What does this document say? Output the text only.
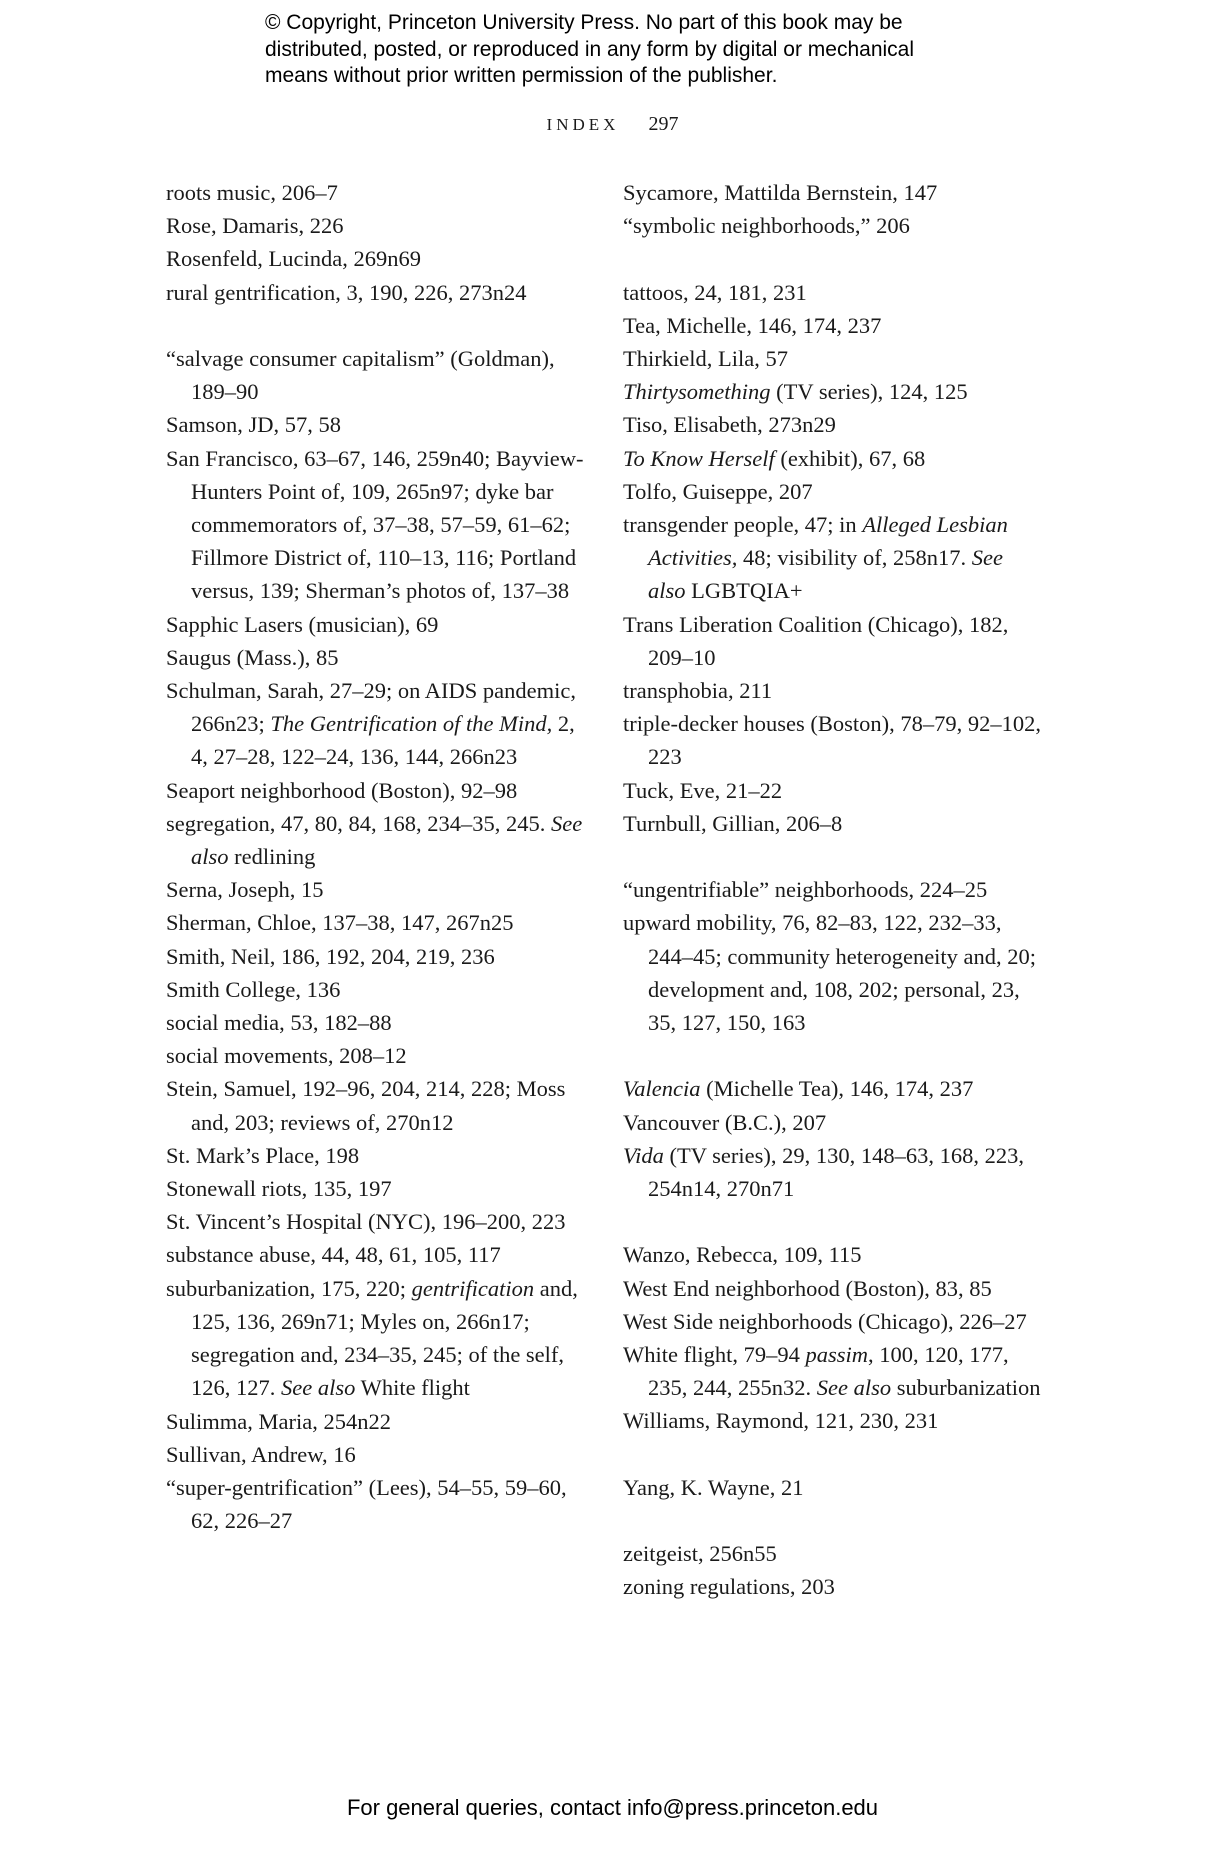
© Copyright, Princeton University Press. No part of this book may be
distributed, posted, or reproduced in any form by digital or mechanical
means without prior written permission of the publisher.
INDEX 297

roots music, 206–7

Rose, Damaris, 226

Rosenfeld, Lucinda, 269n69

rural gentrification, 3, 190, 226, 273n24

“salvage consumer capitalism” (Goldman), 189–90

Samson, JD, 57, 58

San Francisco, 63–67, 146, 259n40; Bayview-Hunters Point of, 109, 265n97; dyke bar commemorators of, 37–38, 57–59, 61–62; Fillmore District of, 110–13, 116; Portland versus, 139; Sherman’s photos of, 137–38

Sapphic Lasers (musician), 69

Saugus (Mass.), 85

Schulman, Sarah, 27–29; on AIDS pandemic, 266n23; The Gentrification of the Mind, 2, 4, 27–28, 122–24, 136, 144, 266n23

Seaport neighborhood (Boston), 92–98

segregation, 47, 80, 84, 168, 234–35, 245. See also redlining

Serna, Joseph, 15

Sherman, Chloe, 137–38, 147, 267n25

Smith, Neil, 186, 192, 204, 219, 236

Smith College, 136

social media, 53, 182–88

social movements, 208–12

Stein, Samuel, 192–96, 204, 214, 228; Moss and, 203; reviews of, 270n12

St. Mark’s Place, 198

Stonewall riots, 135, 197

St. Vincent’s Hospital (NYC), 196–200, 223

substance abuse, 44, 48, 61, 105, 117

suburbanization, 175, 220; gentrification and, 125, 136, 269n71; Myles on, 266n17; segregation and, 234–35, 245; of the self, 126, 127. See also White flight

Sulimma, Maria, 254n22

Sullivan, Andrew, 16

“super-gentrification” (Lees), 54–55, 59–60, 62, 226–27

Sycamore, Mattilda Bernstein, 147

“symbolic neighborhoods,” 206

tattoos, 24, 181, 231

Tea, Michelle, 146, 174, 237

Thirkield, Lila, 57

Thirtysomething (TV series), 124, 125

Tiso, Elisabeth, 273n29

To Know Herself (exhibit), 67, 68

Tolfo, Guiseppe, 207

transgender people, 47; in Alleged Lesbian Activities, 48; visibility of, 258n17. See also LGBTQIA+

Trans Liberation Coalition (Chicago), 182, 209–10

transphobia, 211

triple-decker houses (Boston), 78–79, 92–102, 223

Tuck, Eve, 21–22

Turnbull, Gillian, 206–8

“ungentrifiable” neighborhoods, 224–25

upward mobility, 76, 82–83, 122, 232–33, 244–45; community heterogeneity and, 20; development and, 108, 202; personal, 23, 35, 127, 150, 163

Valencia (Michelle Tea), 146, 174, 237

Vancouver (B.C.), 207

Vida (TV series), 29, 130, 148–63, 168, 223, 254n14, 270n71

Wanzo, Rebecca, 109, 115

West End neighborhood (Boston), 83, 85

West Side neighborhoods (Chicago), 226–27

White flight, 79–94 passim, 100, 120, 177, 235, 244, 255n32. See also suburbanization

Williams, Raymond, 121, 230, 231

Yang, K. Wayne, 21

zeitgeist, 256n55

zoning regulations, 203

For general queries, contact info@press.princeton.edu
